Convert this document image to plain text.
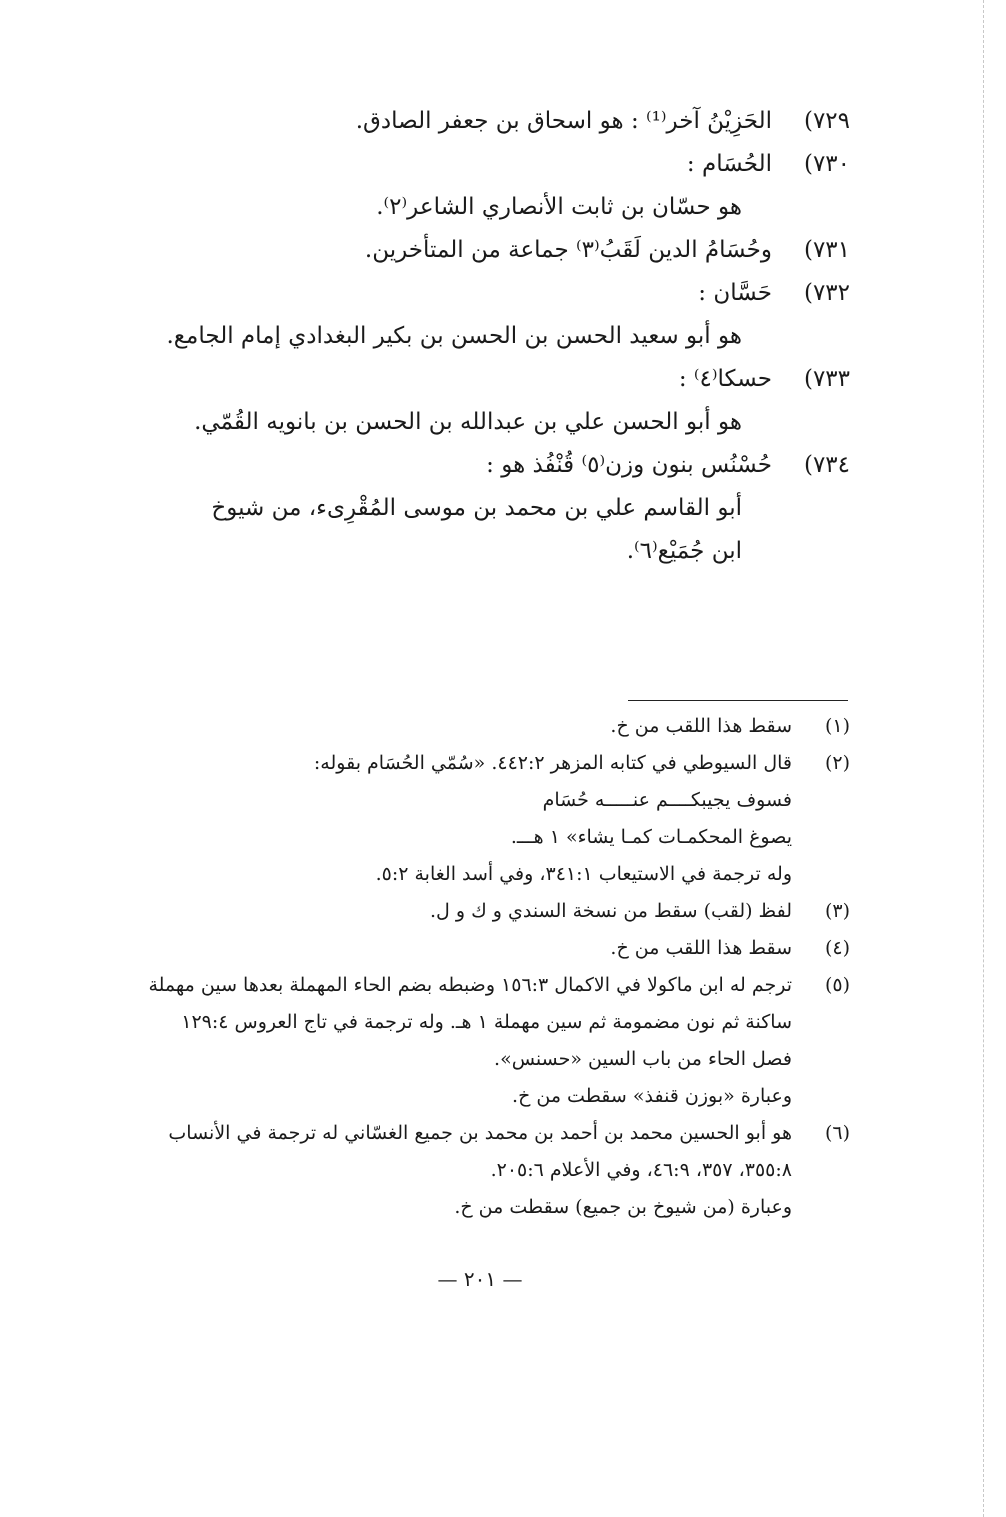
٧٢٩)
الحَزِيْنُ آخر⁽¹⁾ : هو اسحاق بن جعفر الصادق.
٧٣٠)
الحُسَام :
هو حسّان بن ثابت الأنصاري الشاعر⁽٢⁾.
٧٣١)
وحُسَامُ الدين لَقَبُ⁽٣⁾ جماعة من المتأخرين.
٧٣٢)
حَسَّان :
هو أبو سعيد الحسن بن الحسن بن بكير البغدادي إمام الجامع.
٧٣٣)
حسكا⁽٤⁾ :
هو أبو الحسن علي بن عبدالله بن الحسن بن بانويه القُمّي.
٧٣٤)
حُسْنُس بنون وزن⁽٥⁾ قُنْفُذ هو :
أبو القاسم علي بن محمد بن موسى المُقْرِىء، من شيوخ
ابن جُمَيْع⁽٦⁾.
(١)
سقط هذا اللقب من خ.
(٢)
قال السيوطي في كتابه المزهر ٤٤٢:٢. «سُمّي الحُسَام بقوله:
فسوف يجيبكــــم عنـــــه حُسَام
يصوغ المحكمـات كمـا يشاء» ١ هـــ.
وله ترجمة في الاستيعاب ٣٤١:١، وفي أسد الغابة ٥:٢.
(٣)
لفظ (لقب) سقط من نسخة السندي و ك و ل.
(٤)
سقط هذا اللقب من خ.
(٥)
ترجم له ابن ماكولا في الاكمال ١٥٦:٣ وضبطه بضم الحاء المهملة بعدها سين مهملة
ساكنة ثم نون مضمومة ثم سين مهملة ١ هـ. وله ترجمة في تاج العروس ١٢٩:٤
فصل الحاء من باب السين «حسنس».
وعبارة «بوزن قنفذ» سقطت من خ.
(٦)
هو أبو الحسين محمد بن أحمد بن محمد بن جميع الغسّاني له ترجمة في الأنساب
٣٥٥:٨، ٣٥٧، ٤٦:٩، وفي الأعلام ٢٠٥:٦.
وعبارة (من شيوخ بن جميع) سقطت من خ.
— ٢٠١ —
